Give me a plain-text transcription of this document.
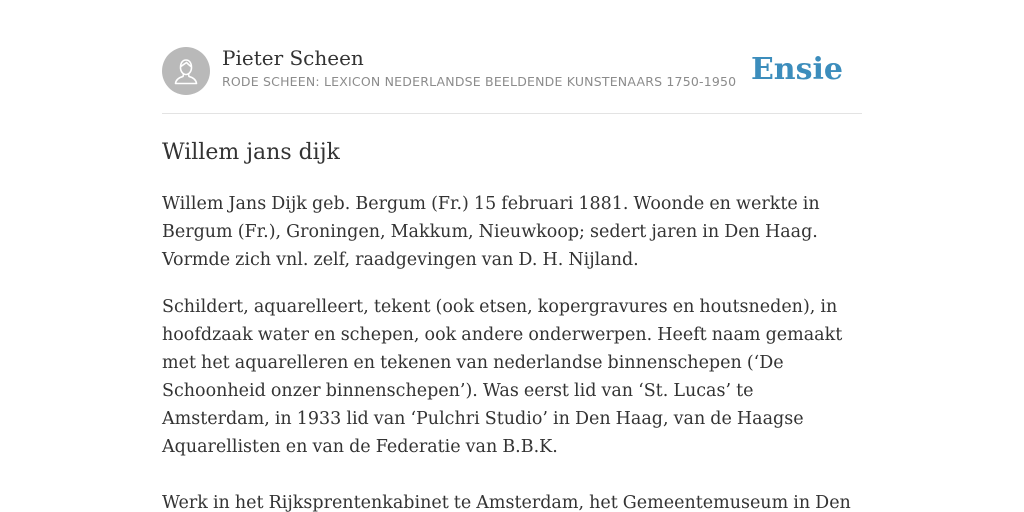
Pieter Scheen
RODE SCHEEN: LEXICON NEDERLANDSE BEELDENDE KUNSTENAARS 1750-1950 Ensie
Willem jans dijk

Willem Jans Dijk geb. Bergum (Fr.) 15 februari 1881. Woonde en werkte in Bergum (Fr.), Groningen, Makkum, Nieuwkoop; sedert jaren in Den Haag. Vormde zich vnl. zelf, raadgevingen van D. H. Nijland.

Schildert, aquarelleert, tekent (ook etsen, kopergravures en houtsneden), in hoofdzaak water en schepen, ook andere onderwerpen. Heeft naam gemaakt met het aquarelleren en tekenen van nederlandse binnenschepen (‘De Schoonheid onzer binnenschepen’). Was eerst lid van ‘St. Lucas’ te Amsterdam, in 1933 lid van ‘Pulchri Studio’ in Den Haag, van de Haagse Aquarellisten en van de Federatie van B.B.K.

Werk in het Rijksprentenkabinet te Amsterdam, het Gemeentemuseum in Den
